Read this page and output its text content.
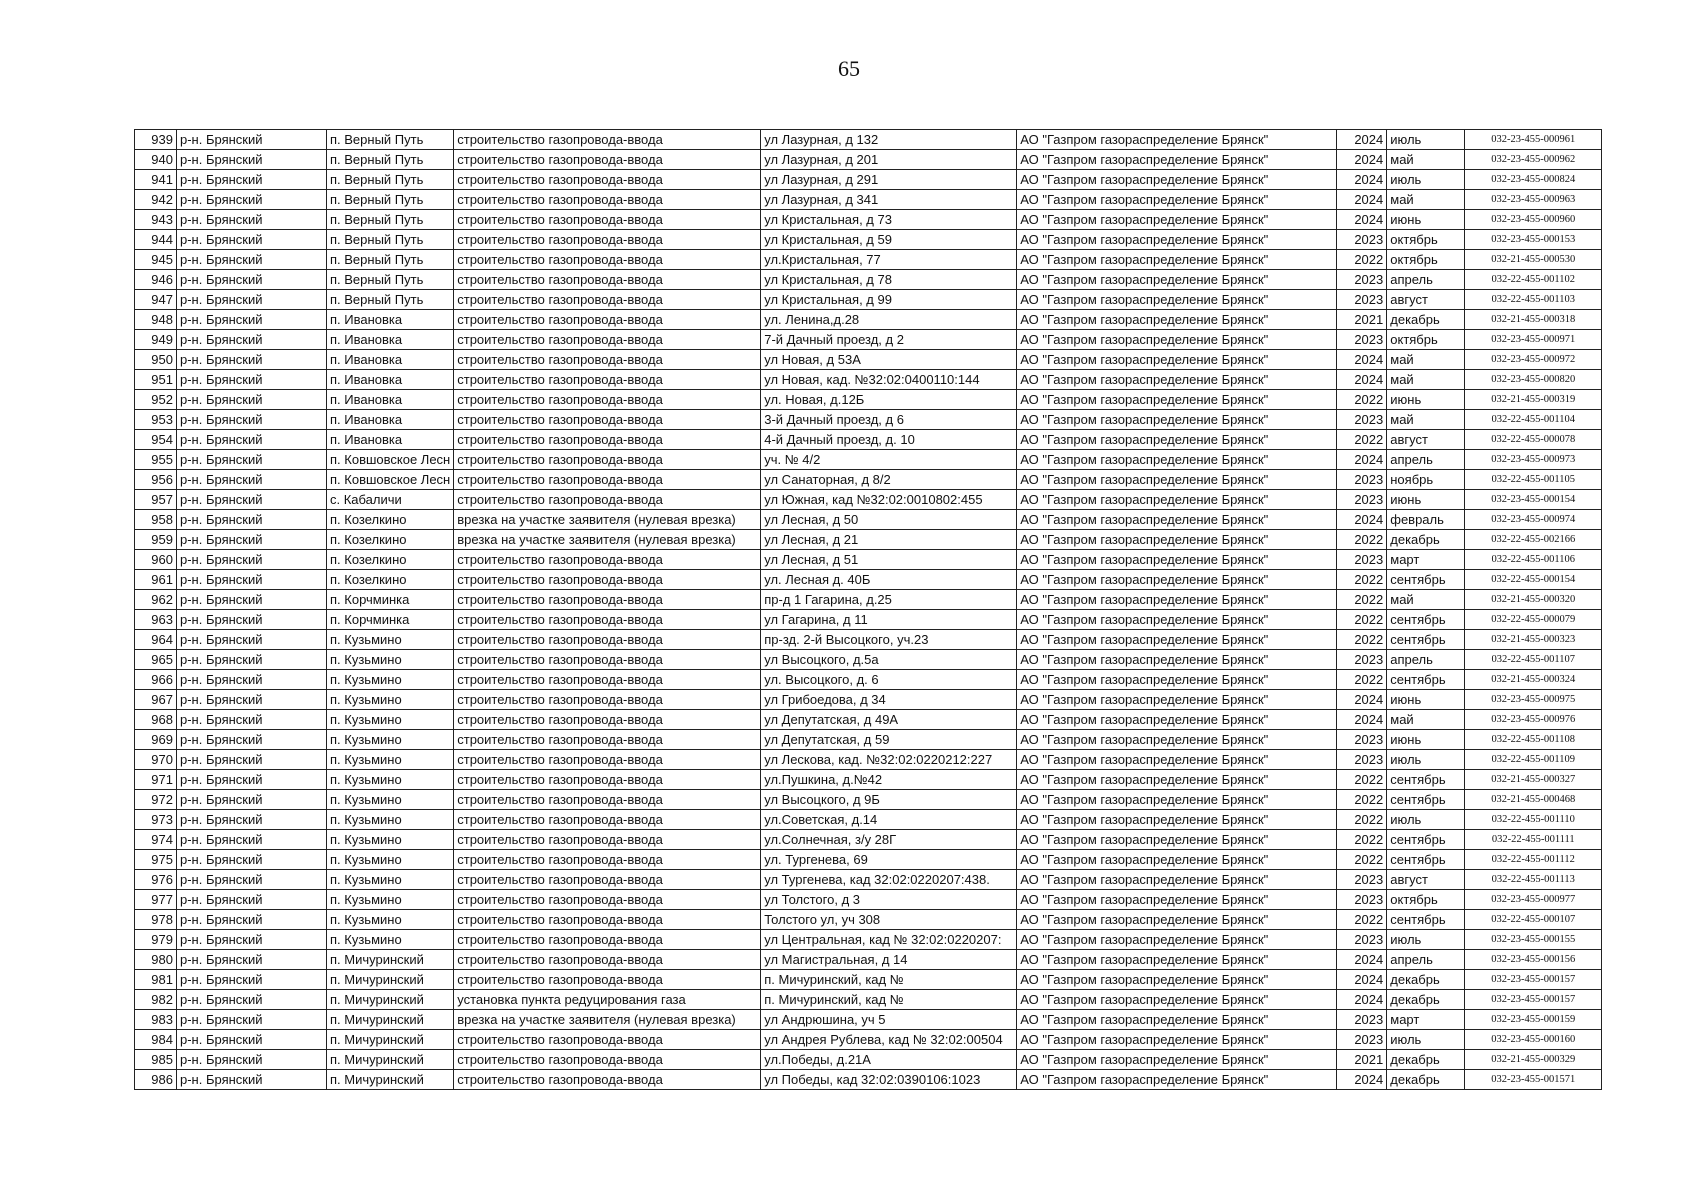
65
939	р-н. Брянский	п. Верный Путь	строительство газопровода-ввода	ул Лазурная, д 132	АО "Газпром газораспределение Брянск"	2024	июль	032-23-455-000961
940	р-н. Брянский	п. Верный Путь	строительство газопровода-ввода	ул Лазурная, д 201	АО "Газпром газораспределение Брянск"	2024	май	032-23-455-000962
941	р-н. Брянский	п. Верный Путь	строительство газопровода-ввода	ул Лазурная, д 291	АО "Газпром газораспределение Брянск"	2024	июль	032-23-455-000824
942	р-н. Брянский	п. Верный Путь	строительство газопровода-ввода	ул Лазурная, д 341	АО "Газпром газораспределение Брянск"	2024	май	032-23-455-000963
943	р-н. Брянский	п. Верный Путь	строительство газопровода-ввода	ул Кристальная, д 73	АО "Газпром газораспределение Брянск"	2024	июнь	032-23-455-000960
944	р-н. Брянский	п. Верный Путь	строительство газопровода-ввода	ул Кристальная, д 59	АО "Газпром газораспределение Брянск"	2023	октябрь	032-23-455-000153
945	р-н. Брянский	п. Верный Путь	строительство газопровода-ввода	ул.Кристальная, 77	АО "Газпром газораспределение Брянск"	2022	октябрь	032-21-455-000530
946	р-н. Брянский	п. Верный Путь	строительство газопровода-ввода	ул Кристальная, д 78	АО "Газпром газораспределение Брянск"	2023	апрель	032-22-455-001102
947	р-н. Брянский	п. Верный Путь	строительство газопровода-ввода	ул Кристальная, д 99	АО "Газпром газораспределение Брянск"	2023	август	032-22-455-001103
948	р-н. Брянский	п. Ивановка	строительство газопровода-ввода	ул. Ленина,д.28	АО "Газпром газораспределение Брянск"	2021	декабрь	032-21-455-000318
949	р-н. Брянский	п. Ивановка	строительство газопровода-ввода	7-й Дачный проезд, д 2	АО "Газпром газораспределение Брянск"	2023	октябрь	032-23-455-000971
950	р-н. Брянский	п. Ивановка	строительство газопровода-ввода	ул Новая, д 53А	АО "Газпром газораспределение Брянск"	2024	май	032-23-455-000972
951	р-н. Брянский	п. Ивановка	строительство газопровода-ввода	ул Новая, кад. №32:02:0400110:144	АО "Газпром газораспределение Брянск"	2024	май	032-23-455-000820
952	р-н. Брянский	п. Ивановка	строительство газопровода-ввода	ул. Новая, д.12Б	АО "Газпром газораспределение Брянск"	2022	июнь	032-21-455-000319
953	р-н. Брянский	п. Ивановка	строительство газопровода-ввода	3-й Дачный проезд, д 6	АО "Газпром газораспределение Брянск"	2023	май	032-22-455-001104
954	р-н. Брянский	п. Ивановка	строительство газопровода-ввода	4-й Дачный проезд, д. 10	АО "Газпром газораспределение Брянск"	2022	август	032-22-455-000078
955	р-н. Брянский	п. Ковшовское Лесн	строительство газопровода-ввода	уч. № 4/2	АО "Газпром газораспределение Брянск"	2024	апрель	032-23-455-000973
956	р-н. Брянский	п. Ковшовское Лесн	строительство газопровода-ввода	ул Санаторная, д 8/2	АО "Газпром газораспределение Брянск"	2023	ноябрь	032-22-455-001105
957	р-н. Брянский	с. Кабаличи	строительство газопровода-ввода	ул Южная, кад №32:02:0010802:455	АО "Газпром газораспределение Брянск"	2023	июнь	032-23-455-000154
958	р-н. Брянский	п. Козелкино	врезка на участке заявителя (нулевая врезка)	ул Лесная, д 50	АО "Газпром газораспределение Брянск"	2024	февраль	032-23-455-000974
959	р-н. Брянский	п. Козелкино	врезка на участке заявителя (нулевая врезка)	ул Лесная, д 21	АО "Газпром газораспределение Брянск"	2022	декабрь	032-22-455-002166
960	р-н. Брянский	п. Козелкино	строительство газопровода-ввода	ул Лесная, д 51	АО "Газпром газораспределение Брянск"	2023	март	032-22-455-001106
961	р-н. Брянский	п. Козелкино	строительство газопровода-ввода	ул. Лесная д. 40Б	АО "Газпром газораспределение Брянск"	2022	сентябрь	032-22-455-000154
962	р-н. Брянский	п. Корчминка	строительство газопровода-ввода	пр-д 1 Гагарина, д.25	АО "Газпром газораспределение Брянск"	2022	май	032-21-455-000320
963	р-н. Брянский	п. Корчминка	строительство газопровода-ввода	ул Гагарина, д 11	АО "Газпром газораспределение Брянск"	2022	сентябрь	032-22-455-000079
964	р-н. Брянский	п. Кузьмино	строительство газопровода-ввода	пр-зд. 2-й Высоцкого, уч.23	АО "Газпром газораспределение Брянск"	2022	сентябрь	032-21-455-000323
965	р-н. Брянский	п. Кузьмино	строительство газопровода-ввода	ул Высоцкого, д.5а	АО "Газпром газораспределение Брянск"	2023	апрель	032-22-455-001107
966	р-н. Брянский	п. Кузьмино	строительство газопровода-ввода	ул. Высоцкого, д. 6	АО "Газпром газораспределение Брянск"	2022	сентябрь	032-21-455-000324
967	р-н. Брянский	п. Кузьмино	строительство газопровода-ввода	ул Грибоедова, д 34	АО "Газпром газораспределение Брянск"	2024	июнь	032-23-455-000975
968	р-н. Брянский	п. Кузьмино	строительство газопровода-ввода	ул Депутатская, д 49А	АО "Газпром газораспределение Брянск"	2024	май	032-23-455-000976
969	р-н. Брянский	п. Кузьмино	строительство газопровода-ввода	ул Депутатская, д 59	АО "Газпром газораспределение Брянск"	2023	июнь	032-22-455-001108
970	р-н. Брянский	п. Кузьмино	строительство газопровода-ввода	ул Лескова, кад. №32:02:0220212:227	АО "Газпром газораспределение Брянск"	2023	июль	032-22-455-001109
971	р-н. Брянский	п. Кузьмино	строительство газопровода-ввода	ул.Пушкина, д.№42	АО "Газпром газораспределение Брянск"	2022	сентябрь	032-21-455-000327
972	р-н. Брянский	п. Кузьмино	строительство газопровода-ввода	ул Высоцкого, д 9Б	АО "Газпром газораспределение Брянск"	2022	сентябрь	032-21-455-000468
973	р-н. Брянский	п. Кузьмино	строительство газопровода-ввода	ул.Советская, д.14	АО "Газпром газораспределение Брянск"	2022	июль	032-22-455-001110
974	р-н. Брянский	п. Кузьмино	строительство газопровода-ввода	ул.Солнечная, з/у 28Г	АО "Газпром газораспределение Брянск"	2022	сентябрь	032-22-455-001111
975	р-н. Брянский	п. Кузьмино	строительство газопровода-ввода	ул. Тургенева, 69	АО "Газпром газораспределение Брянск"	2022	сентябрь	032-22-455-001112
976	р-н. Брянский	п. Кузьмино	строительство газопровода-ввода	ул Тургенева, кад 32:02:0220207:438.	АО "Газпром газораспределение Брянск"	2023	август	032-22-455-001113
977	р-н. Брянский	п. Кузьмино	строительство газопровода-ввода	ул Толстого, д 3	АО "Газпром газораспределение Брянск"	2023	октябрь	032-23-455-000977
978	р-н. Брянский	п. Кузьмино	строительство газопровода-ввода	Толстого ул, уч 308	АО "Газпром газораспределение Брянск"	2022	сентябрь	032-22-455-000107
979	р-н. Брянский	п. Кузьмино	строительство газопровода-ввода	ул Центральная, кад № 32:02:0220207:	АО "Газпром газораспределение Брянск"	2023	июль	032-23-455-000155
980	р-н. Брянский	п. Мичуринский	строительство газопровода-ввода	ул Магистральная, д 14	АО "Газпром газораспределение Брянск"	2024	апрель	032-23-455-000156
981	р-н. Брянский	п. Мичуринский	строительство газопровода-ввода	п. Мичуринский, кад №	АО "Газпром газораспределение Брянск"	2024	декабрь	032-23-455-000157
982	р-н. Брянский	п. Мичуринский	установка пункта редуцирования газа	п. Мичуринский, кад №	АО "Газпром газораспределение Брянск"	2024	декабрь	032-23-455-000157
983	р-н. Брянский	п. Мичуринский	врезка на участке заявителя (нулевая врезка)	ул Андрюшина, уч 5	АО "Газпром газораспределение Брянск"	2023	март	032-23-455-000159
984	р-н. Брянский	п. Мичуринский	строительство газопровода-ввода	ул Андрея Рублева, кад № 32:02:00504	АО "Газпром газораспределение Брянск"	2023	июль	032-23-455-000160
985	р-н. Брянский	п. Мичуринский	строительство газопровода-ввода	ул.Победы, д.21А	АО "Газпром газораспределение Брянск"	2021	декабрь	032-21-455-000329
986	р-н. Брянский	п. Мичуринский	строительство газопровода-ввода	ул Победы, кад 32:02:0390106:1023	АО "Газпром газораспределение Брянск"	2024	декабрь	032-23-455-001571
